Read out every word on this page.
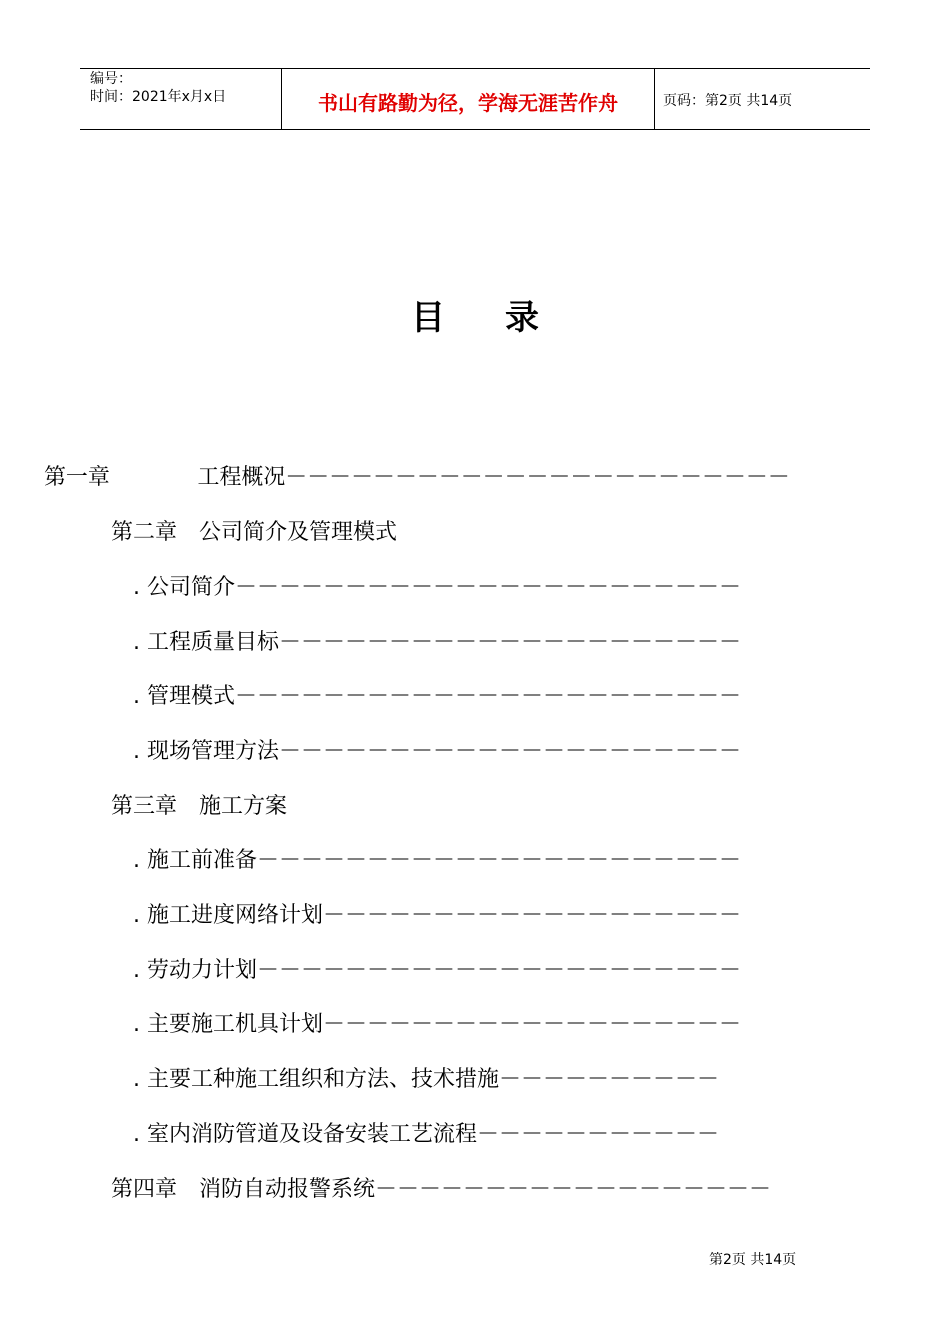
编号：
时间：2021年x月x日	书山有路勤为径，学海无涯苦作舟	页码：第2页 共14页
目录
第一章　　　　工程概况－－－－－－－－－－－－－－－－－－－－－－－
第二章　公司简介及管理模式
. 公司简介－－－－－－－－－－－－－－－－－－－－－－－
. 工程质量目标－－－－－－－－－－－－－－－－－－－－－
. 管理模式－－－－－－－－－－－－－－－－－－－－－－－
. 现场管理方法－－－－－－－－－－－－－－－－－－－－－
第三章　施工方案
. 施工前准备－－－－－－－－－－－－－－－－－－－－－－
. 施工进度网络计划－－－－－－－－－－－－－－－－－－－
. 劳动力计划－－－－－－－－－－－－－－－－－－－－－－
. 主要施工机具计划－－－－－－－－－－－－－－－－－－－
. 主要工种施工组织和方法、技术措施－－－－－－－－－－
. 室内消防管道及设备安装工艺流程－－－－－－－－－－－
第四章　消防自动报警系统－－－－－－－－－－－－－－－－－－
第2页 共14页
